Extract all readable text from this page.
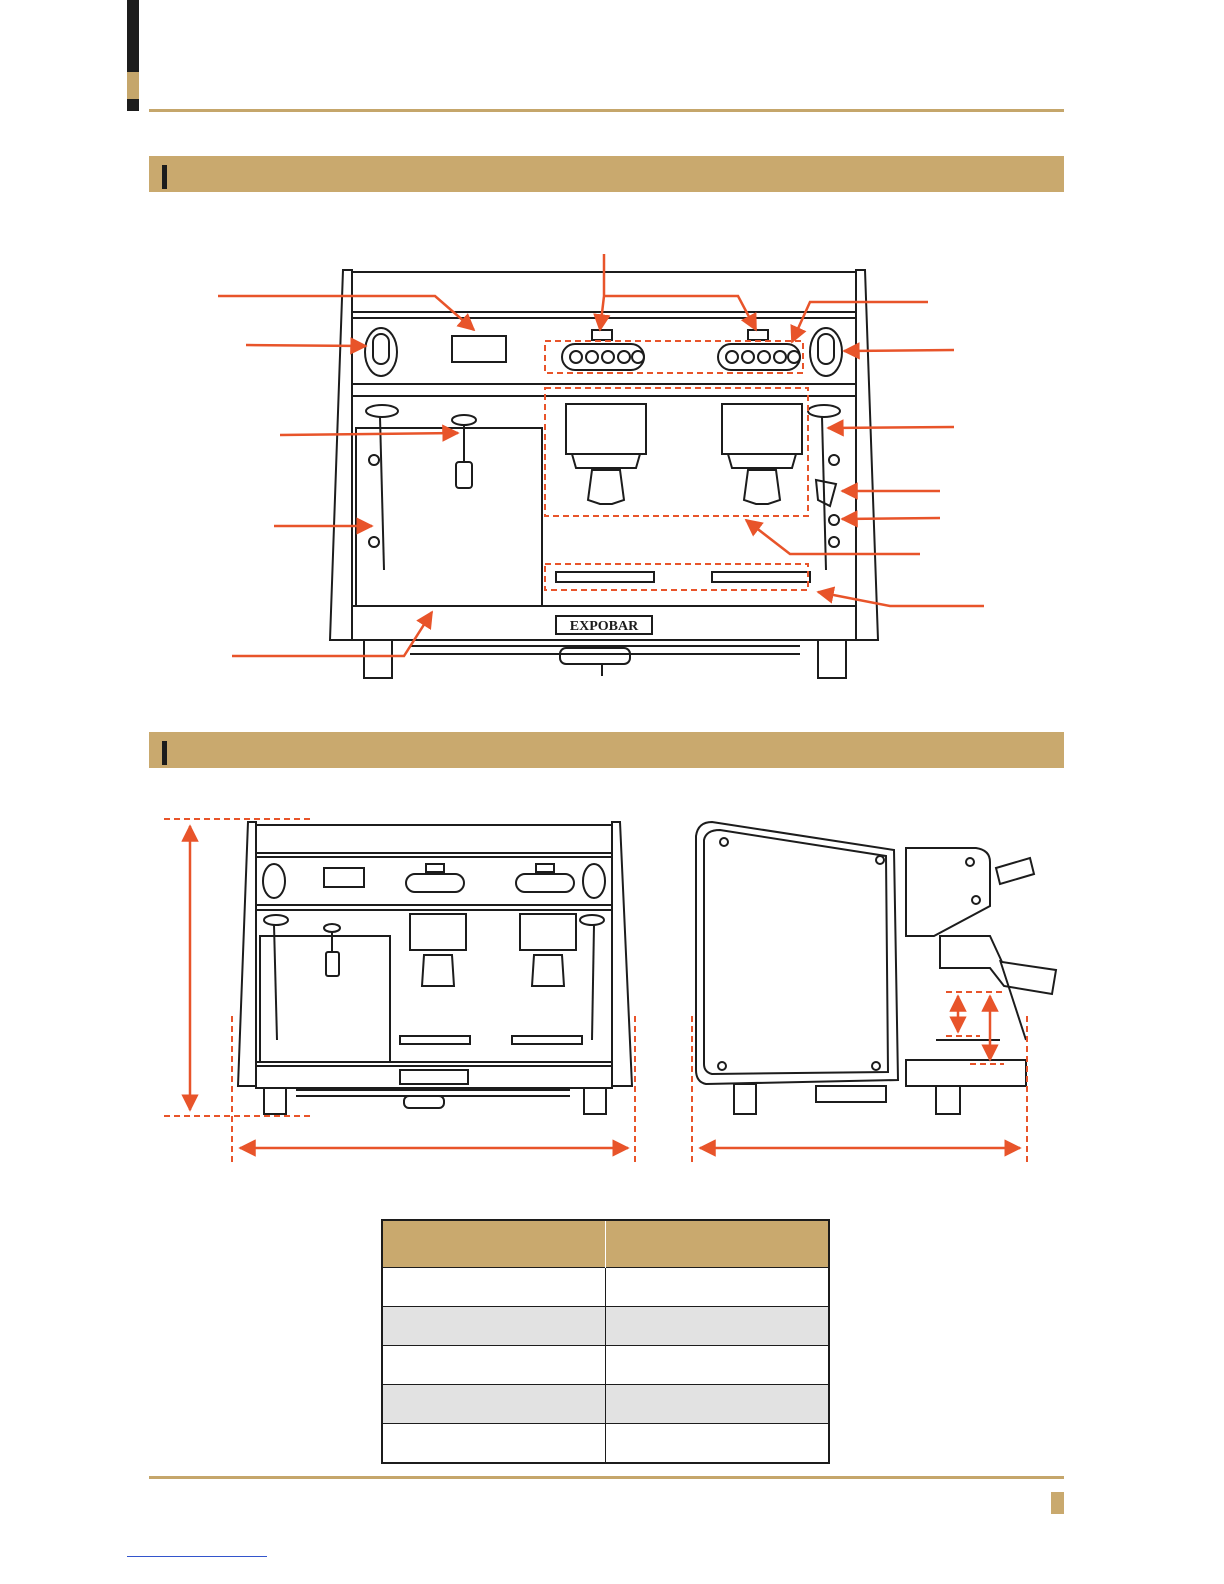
EXPOBAR
